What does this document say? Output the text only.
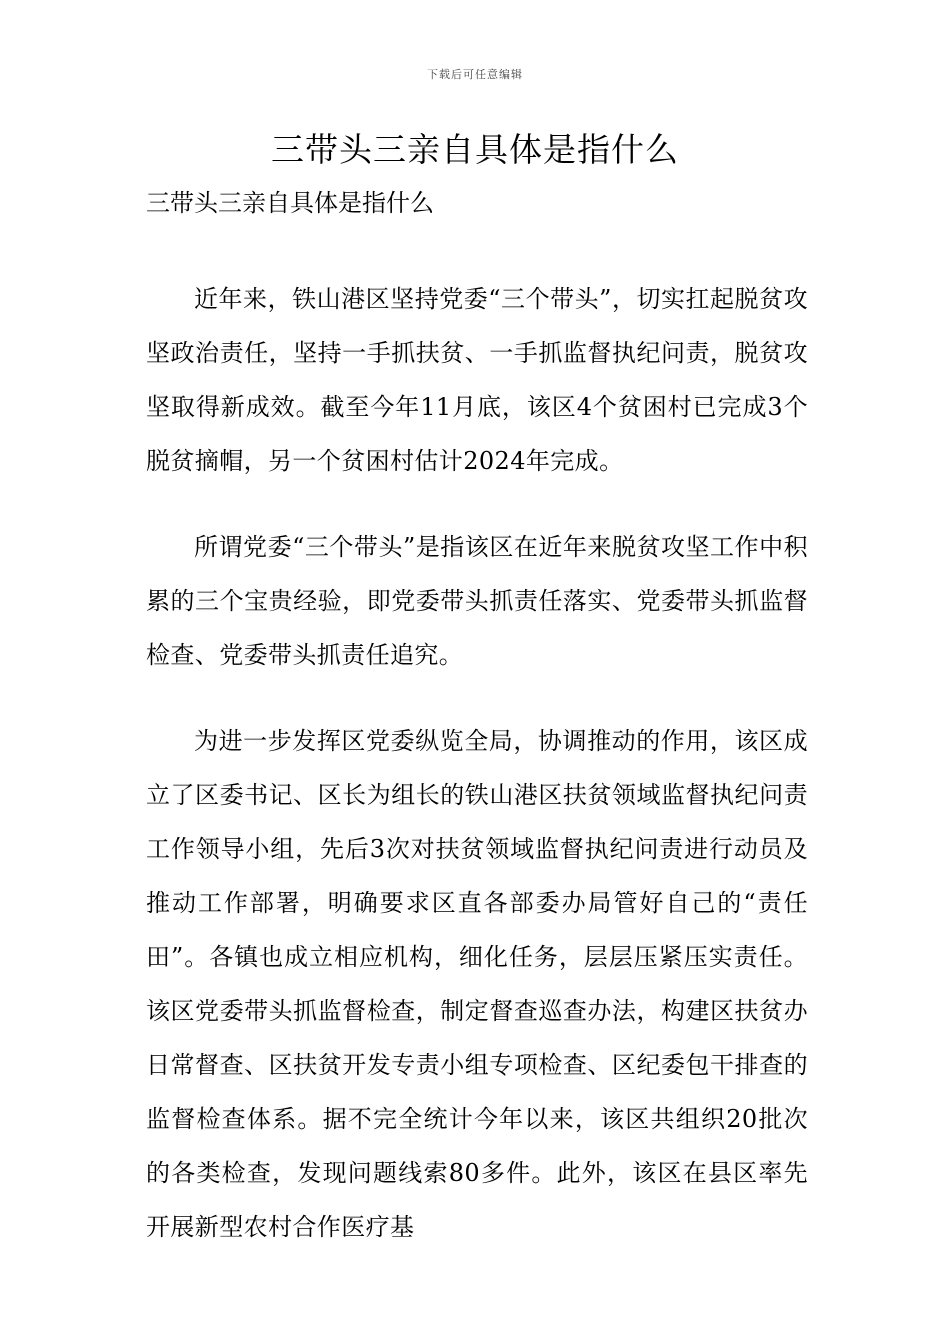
下载后可任意编辑
三带头三亲自具体是指什么

三带头三亲自具体是指什么

近年来，铁山港区坚持党委“三个带头”，切实扛起脱贫攻坚政治责任，坚持一手抓扶贫、一手抓监督执纪问责，脱贫攻坚取得新成效。截至今年11月底，该区4个贫困村已完成3个脱贫摘帽，另一个贫困村估计2024年完成。

所谓党委“三个带头”是指该区在近年来脱贫攻坚工作中积累的三个宝贵经验，即党委带头抓责任落实、党委带头抓监督检查、党委带头抓责任追究。

为进一步发挥区党委纵览全局，协调推动的作用，该区成立了区委书记、区长为组长的铁山港区扶贫领域监督执纪问责工作领导小组，先后3次对扶贫领域监督执纪问责进行动员及推动工作部署，明确要求区直各部委办局管好自己的“责任田”。各镇也成立相应机构，细化任务，层层压紧压实责任。该区党委带头抓监督检查，制定督查巡查办法，构建区扶贫办日常督查、区扶贫开发专责小组专项检查、区纪委包干排查的监督检查体系。据不完全统计今年以来，该区共组织20批次的各类检查，发现问题线索80多件。此外，该区在县区率先开展新型农村合作医疗基
